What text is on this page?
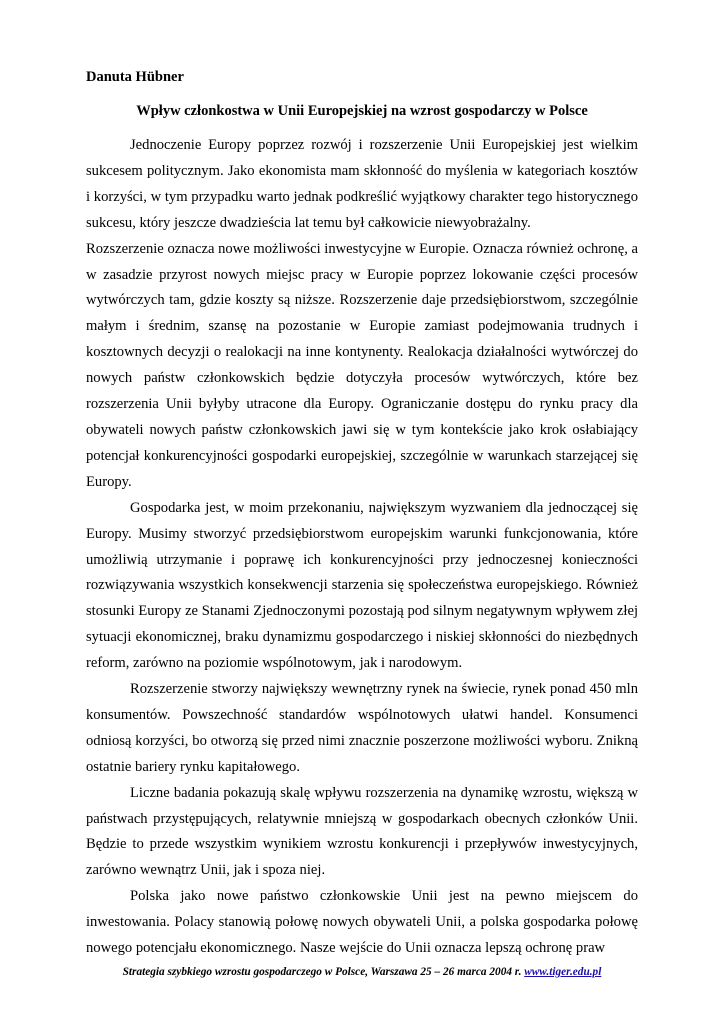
Danuta Hübner
Wpływ członkostwa w Unii Europejskiej na wzrost gospodarczy w Polsce

Jednoczenie Europy poprzez rozwój i rozszerzenie Unii Europejskiej jest wielkim sukcesem politycznym. Jako ekonomista mam skłonność do myślenia w kategoriach kosztów i korzyści, w tym przypadku warto jednak podkreślić wyjątkowy charakter tego historycznego sukcesu, który jeszcze dwadzieścia lat temu był całkowicie niewyobrażalny.

Rozszerzenie oznacza nowe możliwości inwestycyjne w Europie. Oznacza również ochronę, a w zasadzie przyrost nowych miejsc pracy w Europie poprzez lokowanie części procesów wytwórczych tam, gdzie koszty są niższe. Rozszerzenie daje przedsiębiorstwom, szczególnie małym i średnim, szansę na pozostanie w Europie zamiast podejmowania trudnych i kosztownych decyzji o realokacji na inne kontynenty. Realokacja działalności wytwórczej do nowych państw członkowskich będzie dotyczyła procesów wytwórczych, które bez rozszerzenia Unii byłyby utracone dla Europy. Ograniczanie dostępu do rynku pracy dla obywateli nowych państw członkowskich jawi się w tym kontekście jako krok osłabiający potencjał konkurencyjności gospodarki europejskiej, szczególnie w warunkach starzejącej się Europy.

Gospodarka jest, w moim przekonaniu, największym wyzwaniem dla jednoczącej się Europy. Musimy stworzyć przedsiębiorstwom europejskim warunki funkcjonowania, które umożliwią utrzymanie i poprawę ich konkurencyjności przy jednoczesnej konieczności rozwiązywania wszystkich konsekwencji starzenia się społeczeństwa europejskiego. Również stosunki Europy ze Stanami Zjednoczonymi pozostają pod silnym negatywnym wpływem złej sytuacji ekonomicznej, braku dynamizmu gospodarczego i niskiej skłonności do niezbędnych reform, zarówno na poziomie wspólnotowym, jak i narodowym.

Rozszerzenie stworzy największy wewnętrzny rynek na świecie, rynek ponad 450 mln konsumentów. Powszechność standardów wspólnotowych ułatwi handel. Konsumenci odniosą korzyści, bo otworzą się przed nimi znacznie poszerzone możliwości wyboru. Znikną ostatnie bariery rynku kapitałowego.

Liczne badania pokazują skalę wpływu rozszerzenia na dynamikę wzrostu, większą w państwach przystępujących, relatywnie mniejszą w gospodarkach obecnych członków Unii. Będzie to przede wszystkim wynikiem wzrostu konkurencji i przepływów inwestycyjnych, zarówno wewnątrz Unii, jak i spoza niej.

Polska jako nowe państwo członkowskie Unii jest na pewno miejscem do inwestowania. Polacy stanowią połowę nowych obywateli Unii, a polska gospodarka połowę nowego potencjału ekonomicznego. Nasze wejście do Unii oznacza lepszą ochronę praw

Strategia szybkiego wzrostu gospodarczego w Polsce, Warszawa 25 – 26 marca 2004 r. www.tiger.edu.pl
